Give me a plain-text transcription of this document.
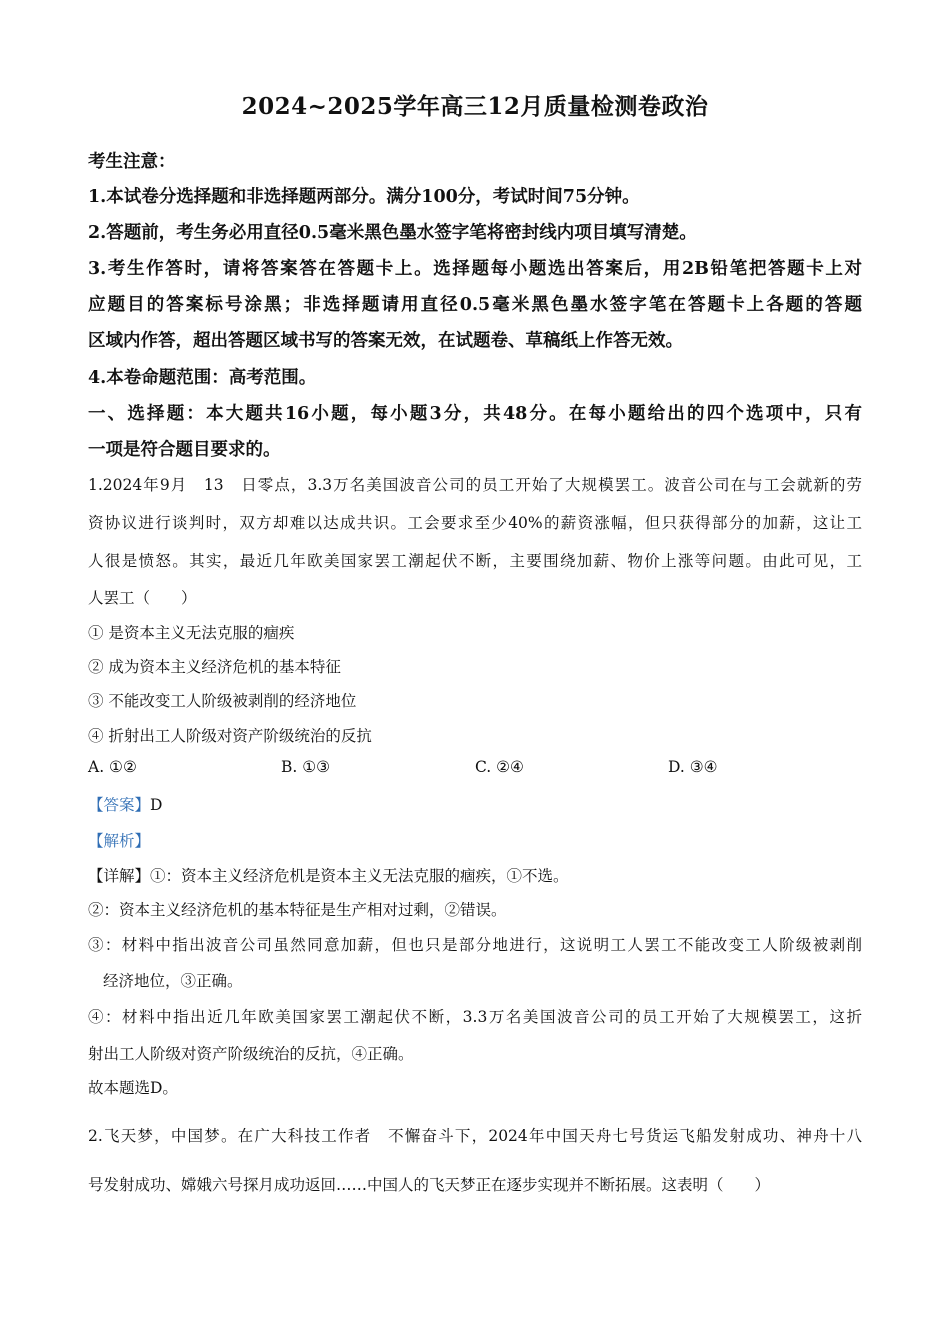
2024~2025学年高三12月质量检测卷政治
考生注意：
1.本试卷分选择题和非选择题两部分。满分100分，考试时间75分钟。
2.答题前，考生务必用直径0.5毫米黑色墨水签字笔将密封线内项目填写清楚。
3.考生作答时，请将答案答在答题卡上。选择题每小题选出答案后，用2B铅笔把答题卡上对
应题目的答案标号涂黑；非选择题请用直径0.5毫米黑色墨水签字笔在答题卡上各题的答题
区域内作答，超出答题区域书写的答案无效，在试题卷、草稿纸上作答无效。
4.本卷命题范围：高考范围。
一、选择题：本大题共16小题，每小题3分，共48分。在每小题给出的四个选项中，只有
一项是符合题目要求的。
1.2024年9月　13　日零点，3.3万名美国波音公司的员工开始了大规模罢工。波音公司在与工会就新的劳
资协议进行谈判时，双方却难以达成共识。工会要求至少40%的薪资涨幅，但只获得部分的加薪，这让工
人很是愤怒。其实，最近几年欧美国家罢工潮起伏不断，主要围绕加薪、物价上涨等问题。由此可见，工
人罢工（　　）
① 是资本主义无法克服的痼疾
② 成为资本主义经济危机的基本特征
③ 不能改变工人阶级被剥削的经济地位
④ 折射出工人阶级对资产阶级统治的反抗
A. ①②	B. ①③	C. ②④	D. ③④
【答案】D
【解析】
【详解】①：资本主义经济危机是资本主义无法克服的痼疾，①不选。
②：资本主义经济危机的基本特征是生产相对过剩，②错误。
③：材料中指出波音公司虽然同意加薪，但也只是部分地进行，这说明工人罢工不能改变工人阶级被剥削
经济地位，③正确。
④：材料中指出近几年欧美国家罢工潮起伏不断，3.3万名美国波音公司的员工开始了大规模罢工，这折
射出工人阶级对资产阶级统治的反抗，④正确。
故本题选D。
2.飞天梦，中国梦。在广大科技工作者　不懈奋斗下，2024年中国天舟七号货运飞船发射成功、神舟十八
号发射成功、嫦娥六号探月成功返回……中国人的飞天梦正在逐步实现并不断拓展。这表明（　　）
